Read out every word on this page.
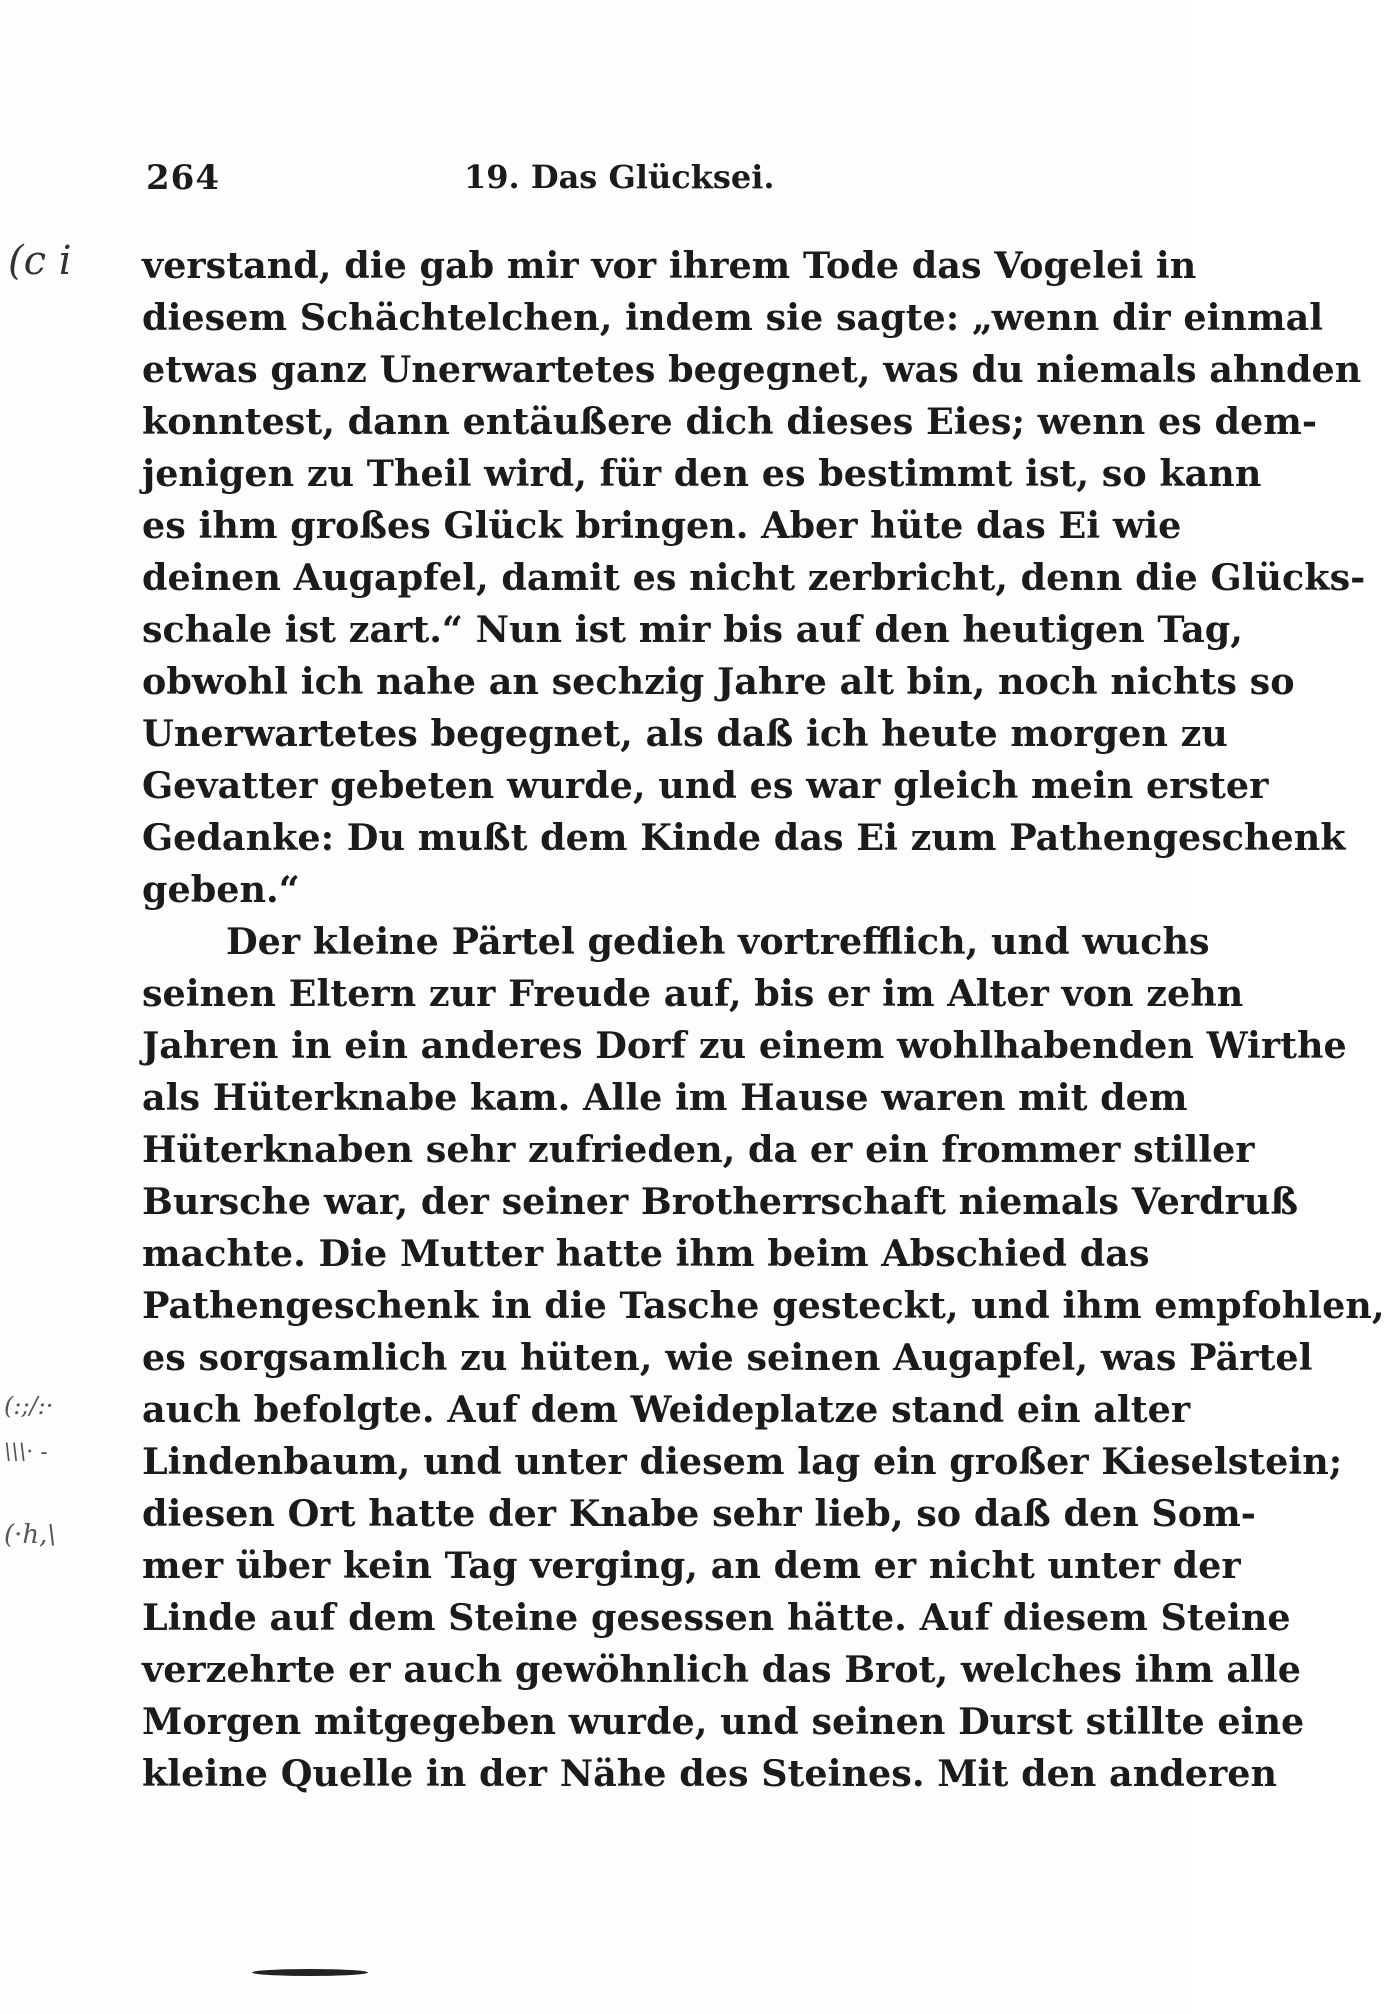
264	19. Das Glücksei.
(c i
(:;/:·
\\\· -
(·h,\
verstand, die gab mir vor ihrem Tode das Vogelei in
diesem Schächtelchen, indem sie sagte: „wenn dir einmal
etwas ganz Unerwartetes begegnet, was du niemals ahnden
konntest, dann entäußere dich dieses Eies; wenn es dem-
jenigen zu Theil wird, für den es bestimmt ist, so kann
es ihm großes Glück bringen. Aber hüte das Ei wie
deinen Augapfel, damit es nicht zerbricht, denn die Glücks-
schale ist zart.“ Nun ist mir bis auf den heutigen Tag,
obwohl ich nahe an sechzig Jahre alt bin, noch nichts so
Unerwartetes begegnet, als daß ich heute morgen zu
Gevatter gebeten wurde, und es war gleich mein erster
Gedanke: Du mußt dem Kinde das Ei zum Pathengeschenk
geben.“
Der kleine Pärtel gedieh vortrefflich, und wuchs
seinen Eltern zur Freude auf, bis er im Alter von zehn
Jahren in ein anderes Dorf zu einem wohlhabenden Wirthe
als Hüterknabe kam. Alle im Hause waren mit dem
Hüterknaben sehr zufrieden, da er ein frommer stiller
Bursche war, der seiner Brotherrschaft niemals Verdruß
machte. Die Mutter hatte ihm beim Abschied das
Pathengeschenk in die Tasche gesteckt, und ihm empfohlen,
es sorgsamlich zu hüten, wie seinen Augapfel, was Pärtel
auch befolgte. Auf dem Weideplatze stand ein alter
Lindenbaum, und unter diesem lag ein großer Kieselstein;
diesen Ort hatte der Knabe sehr lieb, so daß den Som-
mer über kein Tag verging, an dem er nicht unter der
Linde auf dem Steine gesessen hätte. Auf diesem Steine
verzehrte er auch gewöhnlich das Brot, welches ihm alle
Morgen mitgegeben wurde, und seinen Durst stillte eine
kleine Quelle in der Nähe des Steines. Mit den anderen
